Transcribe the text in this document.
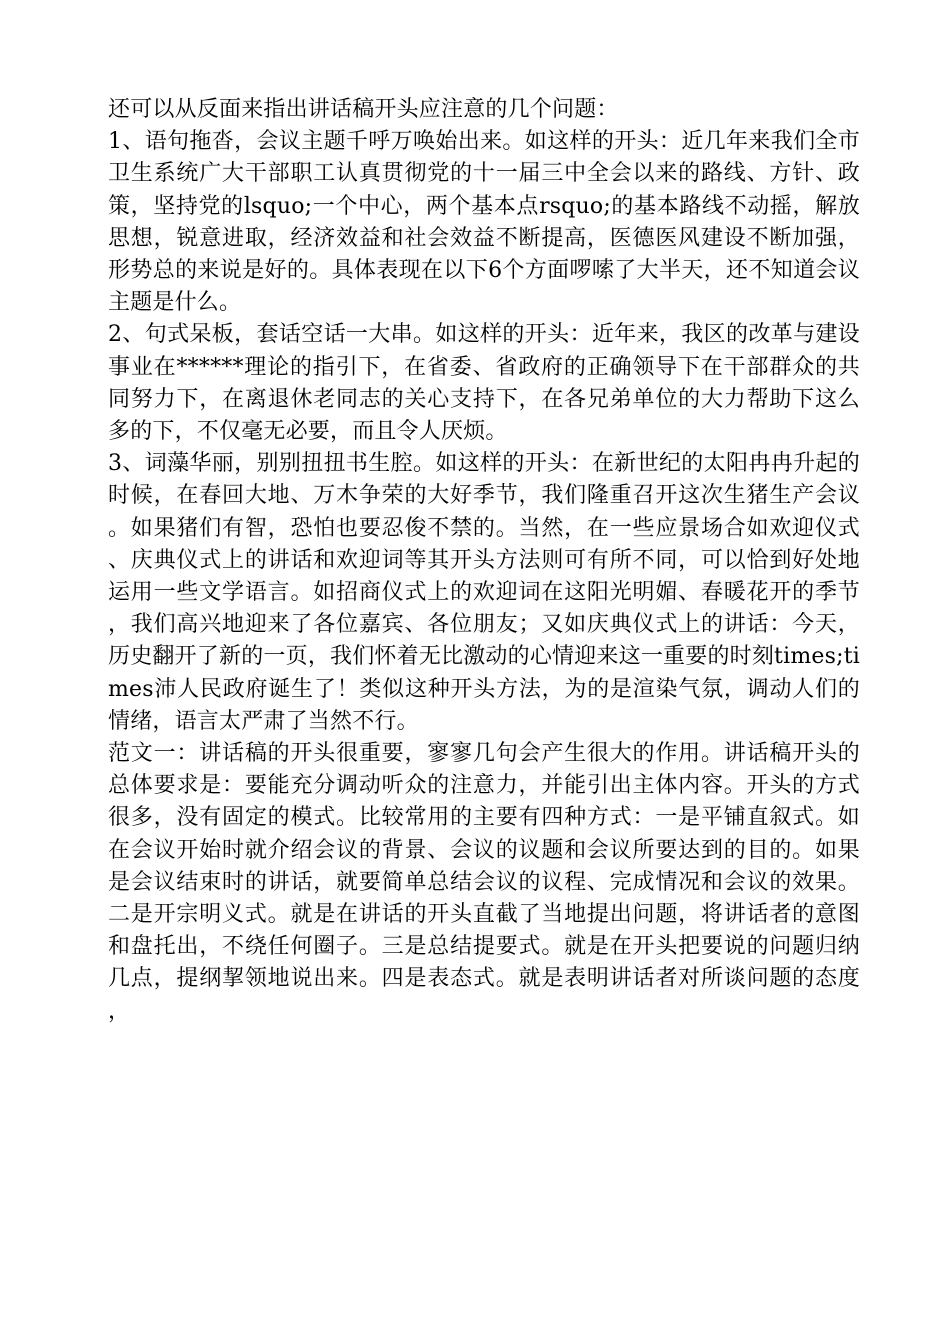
还可以从反面来指出讲话稿开头应注意的几个问题：

1、语句拖沓，会议主题千呼万唤始出来。如这样的开头：近几年来我们全市卫生系统广大干部职工认真贯彻党的十一届三中全会以来的路线、方针、政策，坚持党的lsquo;一个中心，两个基本点rsquo;的基本路线不动摇，解放思想，锐意进取，经济效益和社会效益不断提高，医德医风建设不断加强，形势总的来说是好的。具体表现在以下6个方面啰嗦了大半天，还不知道会议主题是什么。

2、句式呆板，套话空话一大串。如这样的开头：近年来，我区的改革与建设事业在******理论的指引下，在省委、省政府的正确领导下在干部群众的共同努力下，在离退休老同志的关心支持下，在各兄弟单位的大力帮助下这么多的下，不仅毫无必要，而且令人厌烦。

3、词藻华丽，别别扭扭书生腔。如这样的开头：在新世纪的太阳冉冉升起的时候，在春回大地、万木争荣的大好季节，我们隆重召开这次生猪生产会议。如果猪们有智，恐怕也要忍俊不禁的。当然，在一些应景场合如欢迎仪式、庆典仪式上的讲话和欢迎词等其开头方法则可有所不同，可以恰到好处地运用一些文学语言。如招商仪式上的欢迎词在这阳光明媚、春暖花开的季节，我们高兴地迎来了各位嘉宾、各位朋友；又如庆典仪式上的讲话：今天，历史翻开了新的一页，我们怀着无比激动的心情迎来这一重要的时刻times;times沛人民政府诞生了！类似这种开头方法，为的是渲染气氛，调动人们的情绪，语言太严肃了当然不行。

范文一：讲话稿的开头很重要，寥寥几句会产生很大的作用。讲话稿开头的总体要求是：要能充分调动听众的注意力，并能引出主体内容。开头的方式很多，没有固定的模式。比较常用的主要有四种方式：一是平铺直叙式。如在会议开始时就介绍会议的背景、会议的议题和会议所要达到的目的。如果是会议结束时的讲话，就要简单总结会议的议程、完成情况和会议的效果。二是开宗明义式。就是在讲话的开头直截了当地提出问题，将讲话者的意图和盘托出，不绕任何圈子。三是总结提要式。就是在开头把要说的问题归纳几点，提纲挈领地说出来。四是表态式。就是表明讲话者对所谈问题的态度，
